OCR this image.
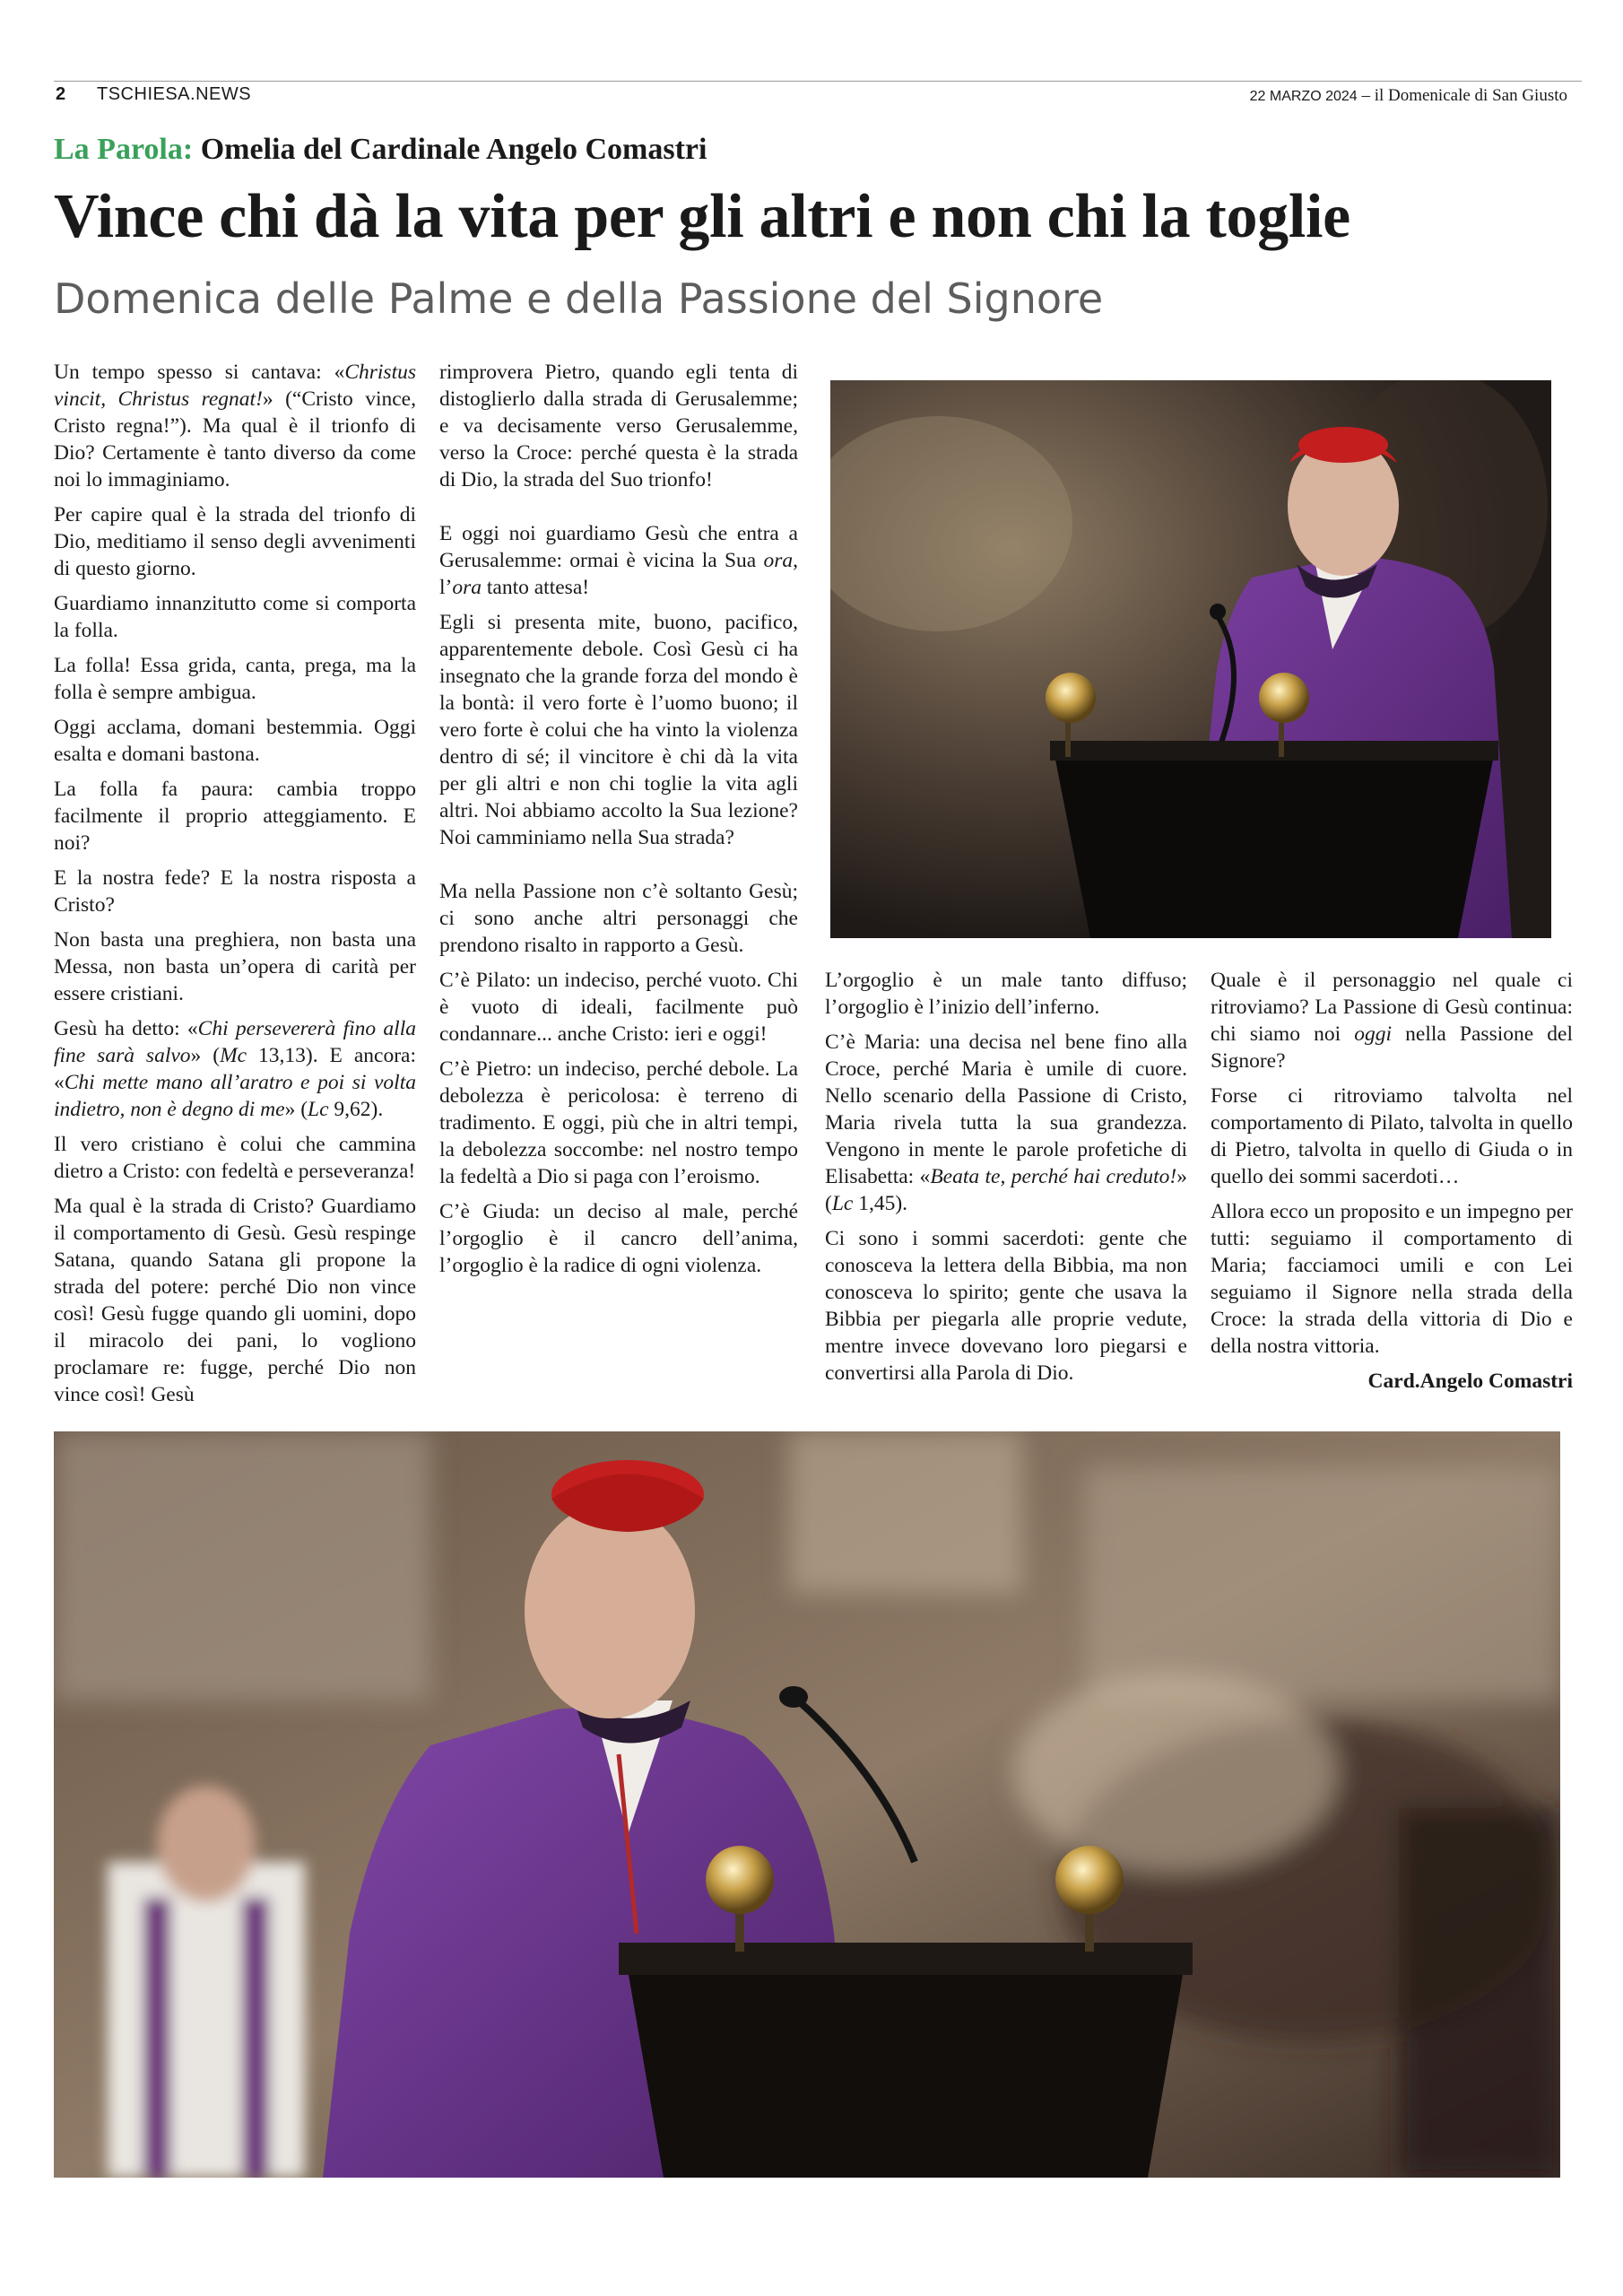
2 TSCHIESA.NEWS	22 MARZO 2024 – il Domenicale di San Giusto
La Parola: Omelia del Cardinale Angelo Comastri
Vince chi dà la vita per gli altri e non chi la toglie
Domenica delle Palme e della Passione del Signore

Un tempo spesso si cantava: «Christus vincit, Christus regnat!» (“Cristo vince, Cristo regna!”). Ma qual è il trionfo di Dio? Certamente è tanto diverso da come noi lo immaginiamo.

Per capire qual è la strada del trionfo di Dio, meditiamo il senso degli avvenimenti di questo giorno.

Guardiamo innanzitutto come si comporta la folla.

La folla! Essa grida, canta, prega, ma la folla è sempre ambigua.

Oggi acclama, domani bestemmia. Oggi esalta e domani bastona.

La folla fa paura: cambia troppo facilmente il proprio atteggiamento. E noi?

E la nostra fede? E la nostra risposta a Cristo?

Non basta una preghiera, non basta una Messa, non basta un’opera di carità per essere cristiani.

Gesù ha detto: «Chi persevererà fino alla fine sarà salvo» (Mc 13,13). E ancora: «Chi mette mano all’aratro e poi si volta indietro, non è degno di me» (Lc 9,62).

Il vero cristiano è colui che cammina dietro a Cristo: con fedeltà e perseveranza!

Ma qual è la strada di Cristo? Guardiamo il comportamento di Gesù. Gesù respinge Satana, quando Satana gli propone la strada del potere: perché Dio non vince così! Gesù fugge quando gli uomini, dopo il miracolo dei pani, lo vogliono proclamare re: fugge, perché Dio non vince così! Gesù

rimprovera Pietro, quando egli tenta di distoglierlo dalla strada di Gerusalemme; e va decisamente verso Gerusalemme, verso la Croce: perché questa è la strada di Dio, la strada del Suo trionfo!

E oggi noi guardiamo Gesù che entra a Gerusalemme: ormai è vicina la Sua ora, l’ora tanto attesa!

Egli si presenta mite, buono, pacifico, apparentemente debole. Così Gesù ci ha insegnato che la grande forza del mondo è la bontà: il vero forte è l’uomo buono; il vero forte è colui che ha vinto la violenza dentro di sé; il vincitore è chi dà la vita per gli altri e non chi toglie la vita agli altri. Noi abbiamo accolto la Sua lezione? Noi camminiamo nella Sua strada?

Ma nella Passione non c’è soltanto Gesù; ci sono anche altri personaggi che prendono risalto in rapporto a Gesù.

C’è Pilato: un indeciso, perché vuoto. Chi è vuoto di ideali, facilmente può condannare... anche Cristo: ieri e oggi!

C’è Pietro: un indeciso, perché debole. La debolezza è pericolosa: è terreno di tradimento. E oggi, più che in altri tempi, la debolezza soccombe: nel nostro tempo la fedeltà a Dio si paga con l’eroismo.

C’è Giuda: un deciso al male, perché l’orgoglio è il cancro dell’anima, l’orgoglio è la radice di ogni violenza.

L’orgoglio è un male tanto diffuso; l’orgoglio è l’inizio dell’inferno.

C’è Maria: una decisa nel bene fino alla Croce, perché Maria è umile di cuore. Nello scenario della Passione di Cristo, Maria rivela tutta la sua grandezza. Vengono in mente le parole profetiche di Elisabetta: «Beata te, perché hai creduto!» (Lc 1,45).

Ci sono i sommi sacerdoti: gente che conosceva la lettera della Bibbia, ma non conosceva lo spirito; gente che usava la Bibbia per piegarla alle proprie vedute, mentre invece dovevano loro piegarsi e convertirsi alla Parola di Dio.

Quale è il personaggio nel quale ci ritroviamo? La Passione di Gesù continua: chi siamo noi oggi nella Passione del Signore?

Forse ci ritroviamo talvolta nel comportamento di Pilato, talvolta in quello di Pietro, talvolta in quello di Giuda o in quello dei sommi sacerdoti…

Allora ecco un proposito e un impegno per tutti: seguiamo il comportamento di Maria; facciamoci umili e con Lei seguiamo il Signore nella strada della Croce: la strada della vittoria di Dio e della nostra vittoria.

Card.Angelo Comastri
